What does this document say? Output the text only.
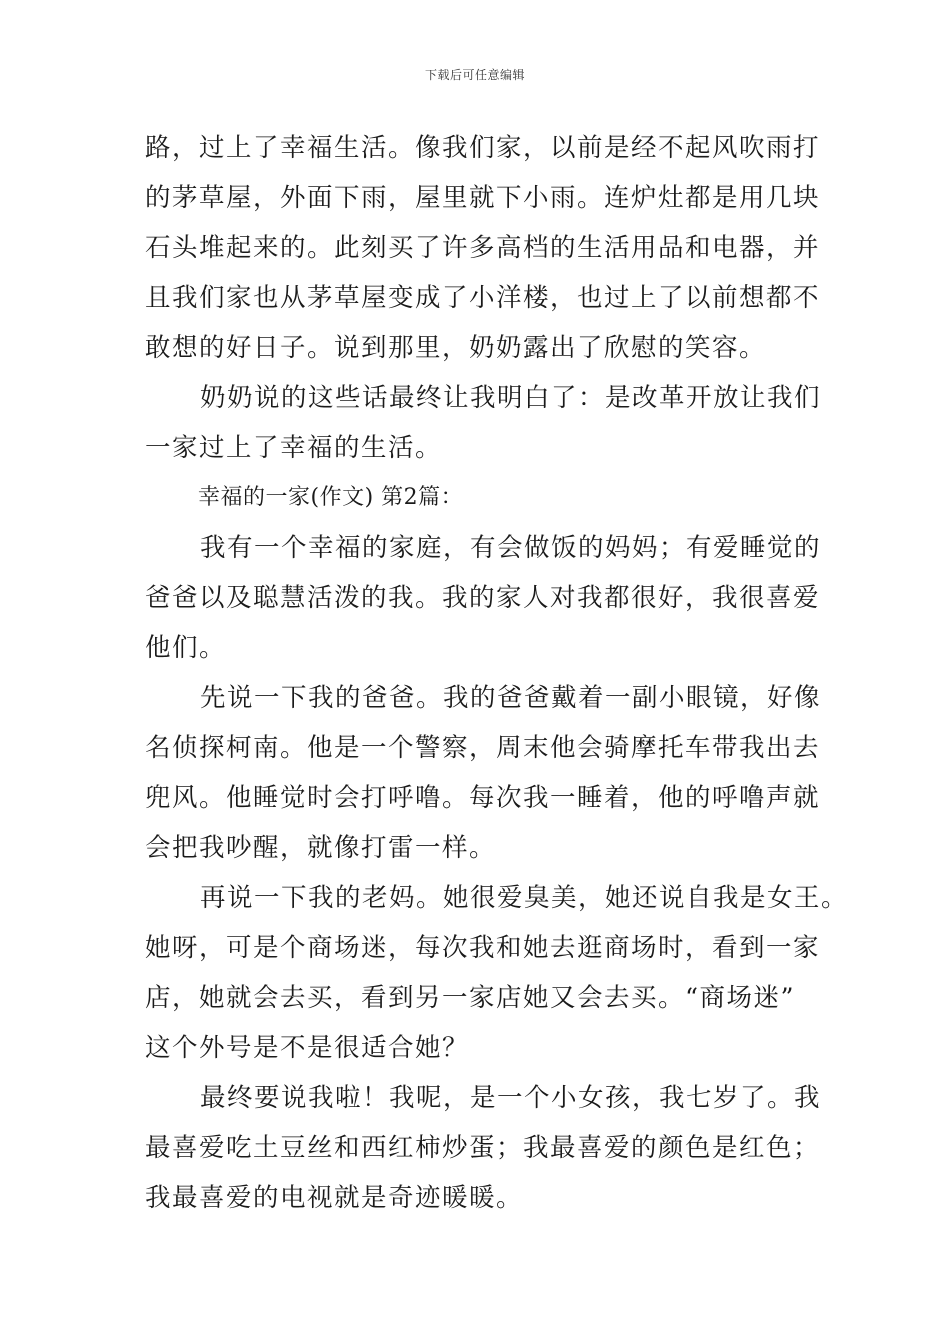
下载后可任意编辑
路，过上了幸福生活。像我们家，以前是经不起风吹雨打
的茅草屋，外面下雨，屋里就下小雨。连炉灶都是用几块
石头堆起来的。此刻买了许多高档的生活用品和电器，并
且我们家也从茅草屋变成了小洋楼，也过上了以前想都不
敢想的好日子。说到那里，奶奶露出了欣慰的笑容。
奶奶说的这些话最终让我明白了：是改革开放让我们
一家过上了幸福的生活。
幸福的一家(作文) 第2篇：
我有一个幸福的家庭，有会做饭的妈妈；有爱睡觉的
爸爸以及聪慧活泼的我。我的家人对我都很好，我很喜爱
他们。
先说一下我的爸爸。我的爸爸戴着一副小眼镜，好像
名侦探柯南。他是一个警察，周末他会骑摩托车带我出去
兜风。他睡觉时会打呼噜。每次我一睡着，他的呼噜声就
会把我吵醒，就像打雷一样。
再说一下我的老妈。她很爱臭美，她还说自我是女王。
她呀，可是个商场迷，每次我和她去逛商场时，看到一家
店，她就会去买，看到另一家店她又会去买。“商场迷”
这个外号是不是很适合她？
最终要说我啦！我呢，是一个小女孩，我七岁了。我
最喜爱吃土豆丝和西红柿炒蛋；我最喜爱的颜色是红色；
我最喜爱的电视就是奇迹暖暖。
